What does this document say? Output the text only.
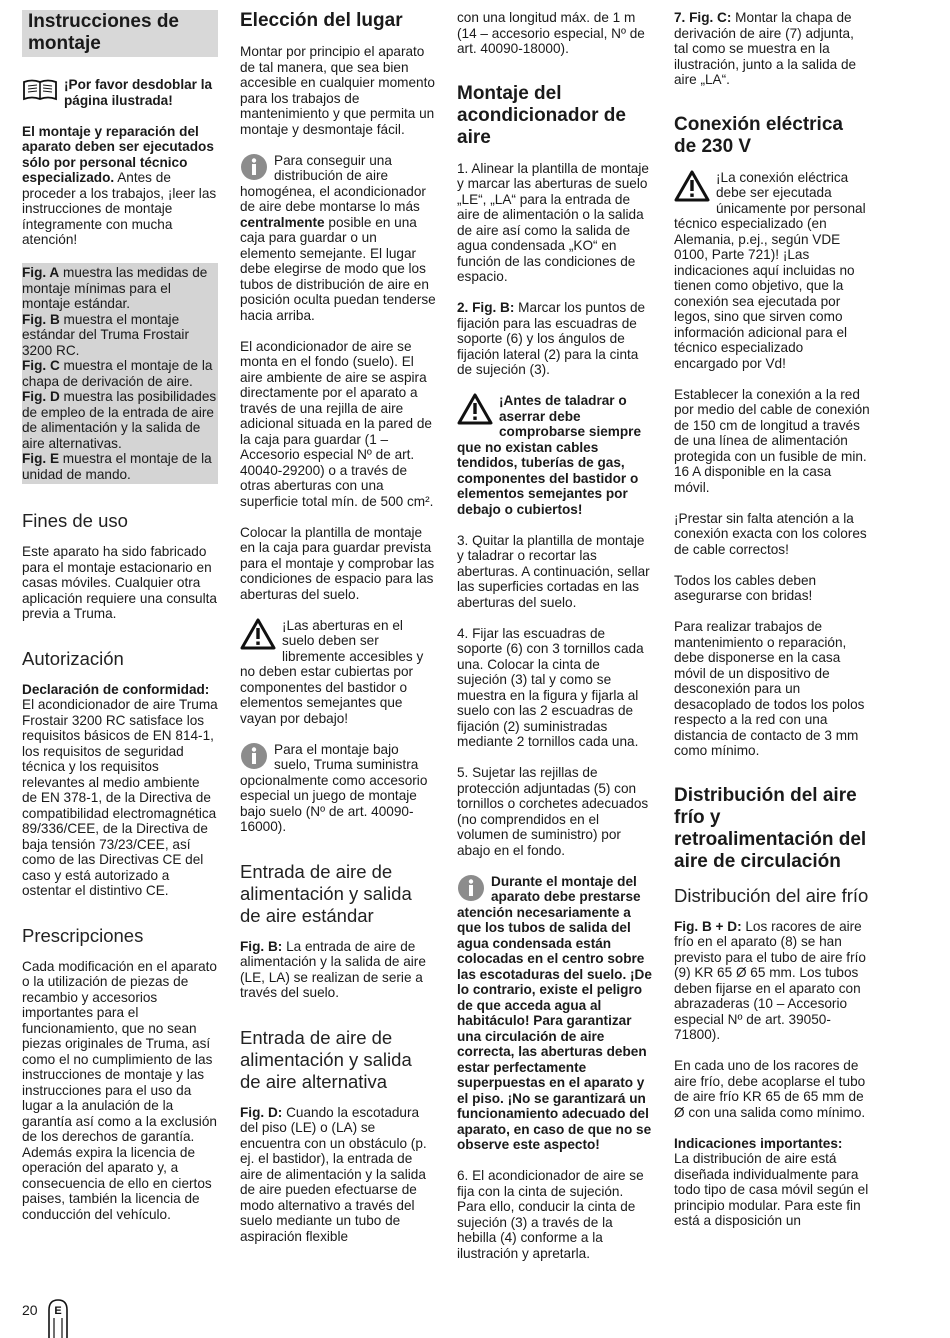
Instrucciones de montaje
¡Por favor desdoblar la página ilustrada!

El montaje y reparación del aparato deben ser ejecutados sólo por personal técnico especializado. Antes de proceder a los trabajos, ¡leer las instrucciones de montaje íntegramente con mucha atención!

Fig. A muestra las medidas de montaje mínimas para el montaje estándar.
Fig. B muestra el montaje estándar del Truma Frostair 3200 RC.
Fig. C muestra el montaje de la chapa de derivación de aire.
Fig. D muestra las posibilidades de empleo de la entrada de aire de alimentación y la salida de aire alternativas.
Fig. E muestra el montaje de la unidad de mando.
Fines de uso

Este aparato ha sido fabricado para el montaje estacionario en casas móviles. Cualquier otra aplicación requiere una consulta previa a Truma.

Autorización

Declaración de conformidad:
El acondicionador de aire Truma Frostair 3200 RC satisface los requisitos básicos de EN 814-1, los requisitos de seguridad técnica y los requisitos relevantes al medio ambiente de EN 378-1, de la Directiva de compatibilidad electromagnética 89/336/CEE, de la Directiva de baja tensión 73/23/CEE, así como de las Directivas CE del caso y está autorizado a ostentar el distintivo CE.

Prescripciones

Cada modificación en el aparato o la utilización de piezas de recambio y accesorios importantes para el funcionamiento, que no sean piezas originales de Truma, así como el no cumplimiento de las instrucciones de montaje y las instrucciones para el uso da lugar a la anulación de la garantía así como a la exclusión de los derechos de garantía. Además expira la licencia de operación del aparato y, a consecuencia de ello en ciertos paises, también la licencia de conducción del vehículo.

Elección del lugar

Montar por principio el aparato de tal manera, que sea bien accesible en cualquier momento para los trabajos de mantenimiento y que permita un montaje y desmontaje fácil.

Para conseguir una distribución de aire homogénea, el acondicionador de aire debe montarse lo más centralmente posible en una caja para guardar o un elemento semejante. El lugar debe elegirse de modo que los tubos de distribución de aire en posición oculta puedan tenderse hacia arriba.

El acondicionador de aire se monta en el fondo (suelo). El aire ambiente de aire se aspira directamente por el aparato a través de una rejilla de aire adicional situada en la pared de la caja para guardar (1 – Accesorio especial Nº de art. 40040-29200) o a través de otras aberturas con una superficie total mín. de 500 cm².

Colocar la plantilla de montaje en la caja para guardar prevista para el montaje y comprobar las condiciones de espacio para las aberturas del suelo.

¡Las aberturas en el suelo deben ser libremente accesibles y no deben estar cubiertas por componentes del bastidor o elementos semejantes que vayan por debajo!
Para el montaje bajo suelo, Truma suministra opcionalmente como accesorio especial un juego de montaje bajo suelo (Nº de art. 40090-16000).
Entrada de aire de alimentación y salida de aire estándar

Fig. B: La entrada de aire de alimentación y la salida de aire (LE, LA) se realizan de serie a través del suelo.

Entrada de aire de alimentación y salida de aire alternativa

Fig. D: Cuando la escotadura del piso (LE) o (LA) se encuentra con un obstáculo (p. ej. el bastidor), la entrada de aire de alimentación y la salida de aire pueden efectuarse de modo alternativo a través del suelo mediante un tubo de aspiración flexible

con una longitud máx. de 1 m (14 – accesorio especial, Nº de art. 40090-18000).

Montaje del acondicionador de aire

1. Alinear la plantilla de montaje y marcar las aberturas de suelo „LE“, „LA“ para la entrada de aire de alimentación o la salida de aire así como la salida de agua condensada „KO“ en función de las condiciones de espacio.

2. Fig. B: Marcar los puntos de fijación para las escuadras de soporte (6) y los ángulos de fijación lateral (2) para la cinta de sujeción (3).

¡Antes de taladrar o aserrar debe comprobarse siempre que no existan cables tendidos, tuberías de gas, componentes del bastidor o elementos semejantes por debajo o cubiertos!

3. Quitar la plantilla de montaje y taladrar o recortar las aberturas. A continuación, sellar las superficies cortadas en las aberturas del suelo.

4. Fijar las escuadras de soporte (6) con 3 tornillos cada una. Colocar la cinta de sujeción (3) tal y como se muestra en la figura y fijarla al suelo con las 2 escuadras de fijación (2) suministradas mediante 2 tornillos cada una.

5. Sujetar las rejillas de protección adjuntadas (5) con tornillos o corchetes adecuados (no comprendidos en el volumen de suministro) por abajo en el fondo.

Durante el montaje del aparato debe prestarse atención necesariamente a que los tubos de salida del agua condensada están colocadas en el centro sobre las escotaduras del suelo. ¡De lo contrario, existe el peligro de que acceda agua al habitáculo! Para garantizar una circulación de aire correcta, las aberturas deben estar perfectamente superpuestas en el aparato y el piso. ¡No se garantizará un funcionamiento adecuado del aparato, en caso de que no se observe este aspecto!

6. El acondicionador de aire se fija con la cinta de sujeción. Para ello, conducir la cinta de sujeción (3) a través de la hebilla (4) conforme a la ilustración y apretarla.

7. Fig. C: Montar la chapa de derivación de aire (7) adjunta, tal como se muestra en la ilustración, junto a la salida de aire „LA“.

Conexión eléctrica de 230 V
¡La conexión eléctrica debe ser ejecutada únicamente por personal técnico especializado (en Alemania, p.ej., según VDE 0100, Parte 721)! ¡Las indicaciones aquí incluidas no tienen como objetivo, que la conexión sea ejecutada por legos, sino que sirven como información adicional para el técnico especializado encargado por Vd!

Establecer la conexión a la red por medio del cable de conexión de 150 cm de longitud a través de una línea de alimentación protegida con un fusible de min. 16 A disponible en la casa móvil.

¡Prestar sin falta atención a la conexión exacta con los colores de cable correctos!

Todos los cables deben asegurarse con bridas!

Para realizar trabajos de mantenimiento o reparación, debe disponerse en la casa móvil de un dispositivo de desconexión para un desacoplado de todos los polos respecto a la red con una distancia de contacto de 3 mm como mínimo.

Distribución del aire frío y retroalimentación del aire de circulación
Distribución del aire frío

Fig. B + D: Los racores de aire frío en el aparato (8) se han previsto para el tubo de aire frío (9) KR 65 Ø 65 mm. Los tubos deben fijarse en el aparato con abrazaderas (10 – Accesorio especial Nº de art. 39050-71800).

En cada uno de los racores de aire frío, debe acoplarse el tubo de aire frío KR 65 de 65 mm de Ø con una salida como mínimo.

Indicaciones importantes:
La distribución de aire está diseñada individualmente para todo tipo de casa móvil según el principio modular. Para este fin está a disposición un

20 E
